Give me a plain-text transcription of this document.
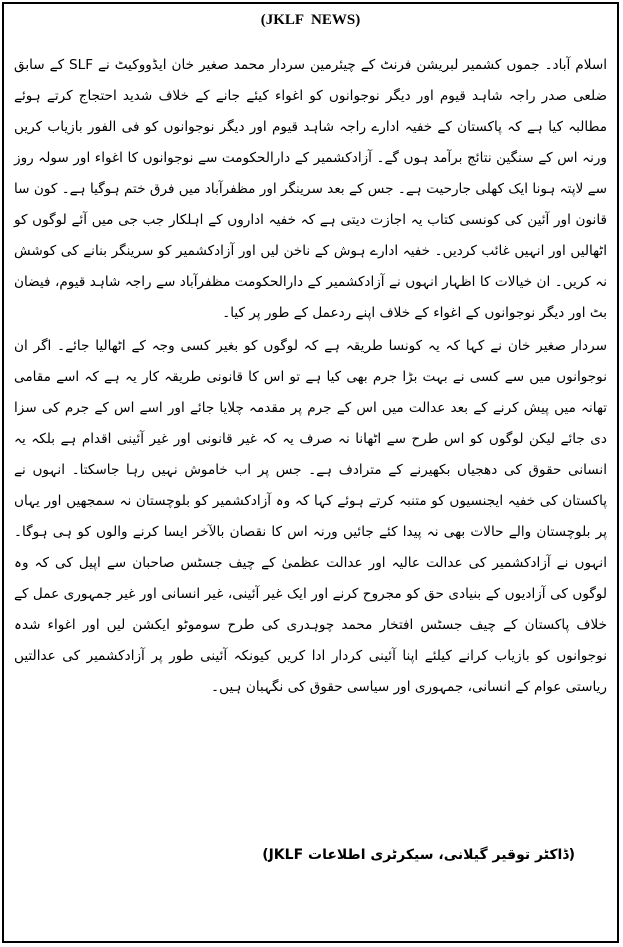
(JKLF  NEWS)

اسلام آباد۔ جموں کشمیر لبریشن فرنٹ کے چیئرمین سردار محمد صغیر خان ایڈووکیٹ نے SLF کے سابق ضلعی صدر راجہ شاہد قیوم اور دیگر نوجوانوں کو اغواء کیئے جانے کے خلاف شدید احتجاج کرتے ہوئے مطالبہ کیا ہے کہ پاکستان کے خفیہ ادارے راجہ شاہد قیوم اور دیگر نوجوانوں کو فی الفور بازیاب کریں ورنہ اس کے سنگین نتائج برآمد ہوں گے۔ آزادکشمیر کے دارالحکومت سے نوجوانوں کا اغواء اور سولہ روز سے لاپتہ ہونا ایک کھلی جارحیت ہے۔ جس کے بعد سرینگر اور مظفرآباد میں فرق ختم ہوگیا ہے۔ کون سا قانون اور آئین کی کونسی کتاب یہ اجازت دیتی ہے کہ خفیہ اداروں کے اہلکار جب جی میں آئے لوگوں کو اٹھالیں اور انہیں غائب کردیں۔ خفیہ ادارے ہوش کے ناخن لیں اور آزادکشمیر کو سرینگر بنانے کی کوشش نہ کریں۔ ان خیالات کا اظہار انہوں نے آزادکشمیر کے دارالحکومت مظفرآباد سے راجہ شاہد قیوم، فیضان بٹ اور دیگر نوجوانوں کے اغواء کے خلاف اپنے ردعمل کے طور پر کیا۔

سردار صغیر خان نے کہا کہ یہ کونسا طریقہ ہے کہ لوگوں کو بغیر کسی وجہ کے اٹھالیا جائے۔ اگر ان نوجوانوں میں سے کسی نے بہت بڑا جرم بھی کیا ہے تو اس کا قانونی طریقہ کار یہ ہے کہ اسے مقامی تھانہ میں پیش کرنے کے بعد عدالت میں اس کے جرم پر مقدمہ چلایا جائے اور اسے اس کے جرم کی سزا دی جائے لیکن لوگوں کو اس طرح سے اٹھانا نہ صرف یہ کہ غیر قانونی اور غیر آئینی اقدام ہے بلکہ یہ انسانی حقوق کی دھجیاں بکھیرنے کے مترادف ہے۔ جس پر اب خاموش نہیں رہا جاسکتا۔ انہوں نے پاکستان کی خفیہ ایجنسیوں کو متنبہ کرتے ہوئے کہا کہ وہ آزادکشمیر کو بلوچستان نہ سمجھیں اور یہاں پر بلوچستان والے حالات بھی نہ پیدا کئے جائیں ورنہ اس کا نقصان بالآخر ایسا کرنے والوں کو ہی ہوگا۔ انہوں نے آزادکشمیر کی عدالت عالیہ اور عدالت عظمیٰ کے چیف جسٹس صاحبان سے اپیل کی کہ وہ لوگوں کی آزادیوں کے بنیادی حق کو مجروح کرنے اور ایک غیر آئینی، غیر انسانی اور غیر جمہوری عمل کے خلاف پاکستان کے چیف جسٹس افتخار محمد چوہدری کی طرح سوموٹو ایکشن لیں اور اغواء شدہ نوجوانوں کو بازیاب کرانے کیلئے اپنا آئینی کردار ادا کریں کیونکہ آئینی طور پر آزادکشمیر کی عدالتیں ریاستی عوام کے انسانی، جمہوری اور سیاسی حقوق کی نگہبان ہیں۔

(ڈاکٹر توقیر گیلانی، سیکرٹری اطلاعات JKLF)
